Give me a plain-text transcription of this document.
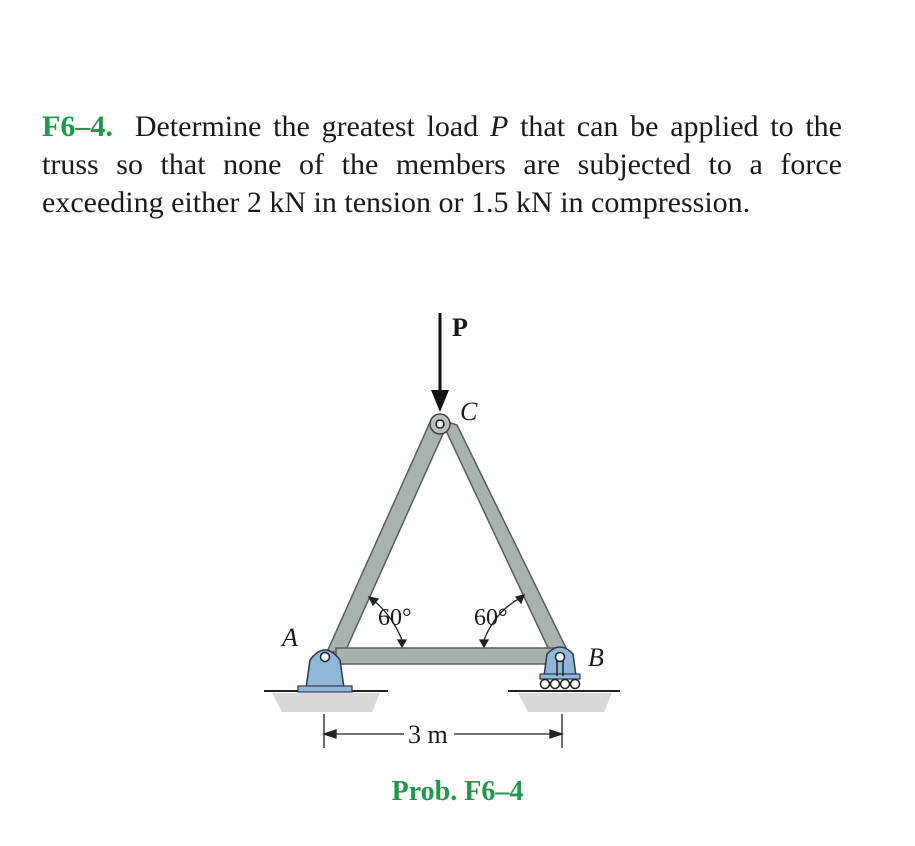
F6–4. Determine the greatest load P that can be applied to the truss so that none of the members are subjected to a force exceeding either 2 kN in tension or 1.5 kN in compression.
P
C
A
B
60°	60°
3 m
Prob. F6–4
